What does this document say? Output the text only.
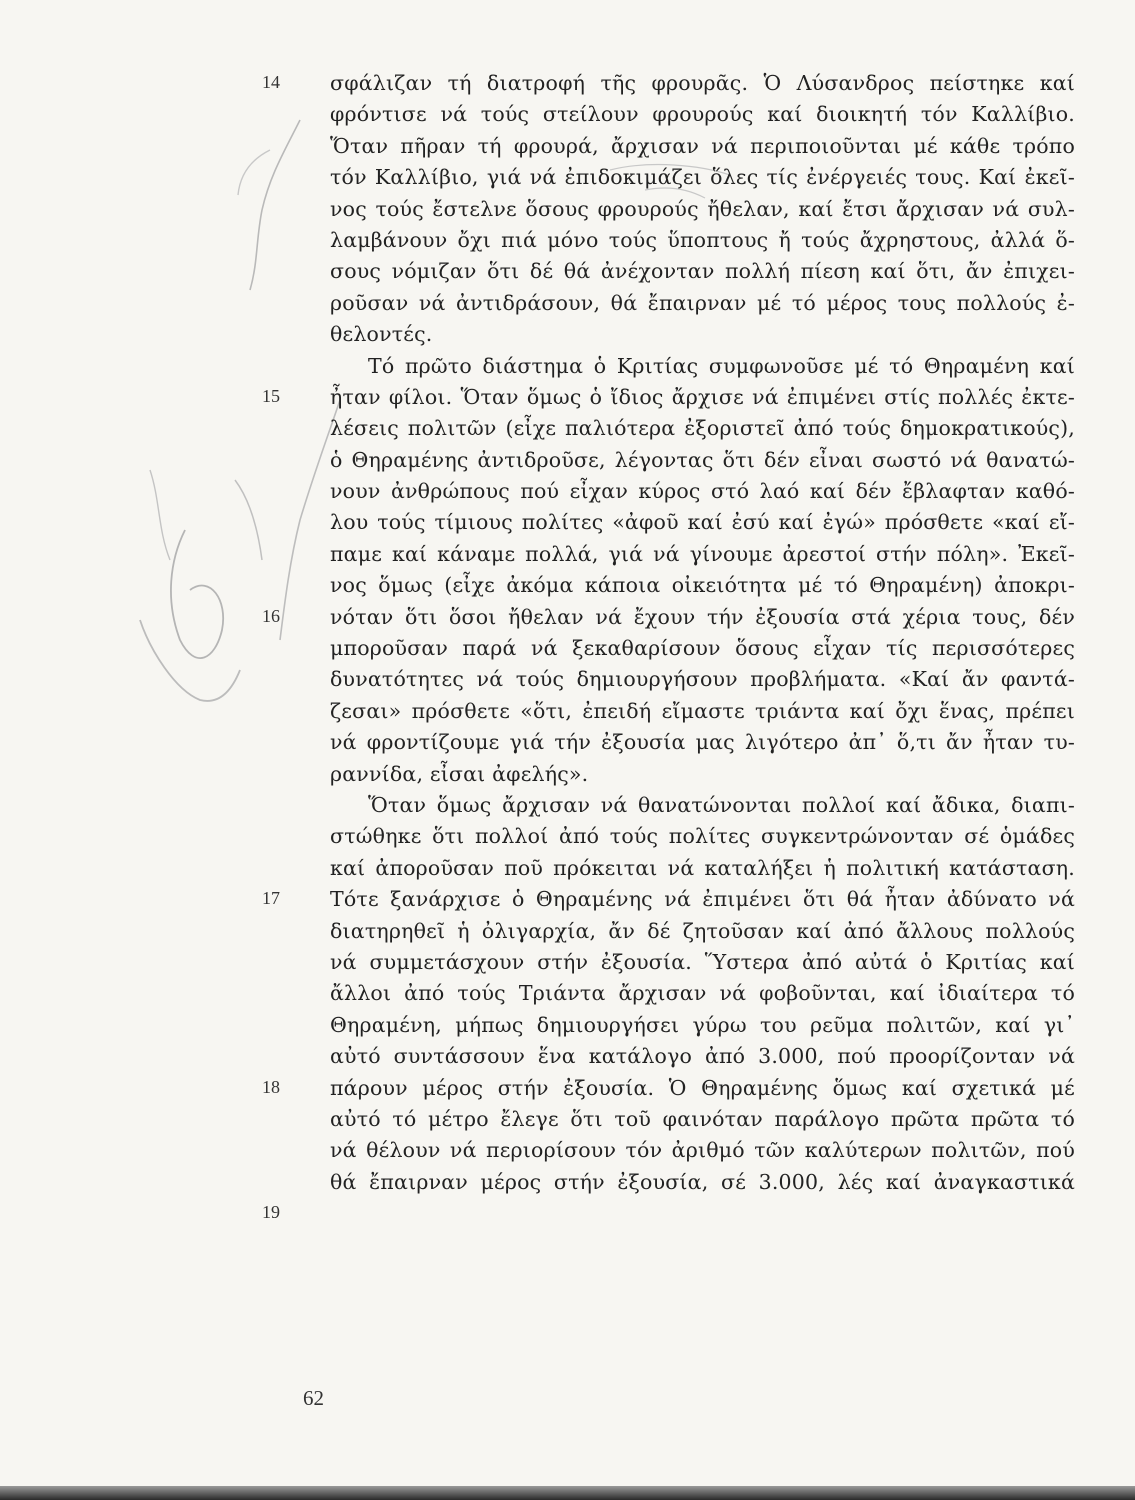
14
15
16
17
18
19
σφάλιζαν τή διατροφή τῆς φρουρᾶς. Ὁ Λύσανδρος πείστηκε καί
φρόντισε νά τούς στείλουν φρουρούς καί διοικητή τόν Καλλίβιο.
Ὅταν πῆραν τή φρουρά, ἄρχισαν νά περιποιοῦνται μέ κάθε τρόπο
τόν Καλλίβιο, γιά νά ἐπιδοκιμάζει ὅλες τίς ἐνέργειές τους. Καί ἐκεῖ-
νος τούς ἔστελνε ὅσους φρουρούς ἤθελαν, καί ἔτσι ἄρχισαν νά συλ-
λαμβάνουν ὄχι πιά μόνο τούς ὕποπτους ἤ τούς ἄχρηστους, ἀλλά ὅ-
σους νόμιζαν ὅτι δέ θά ἀνέχονταν πολλή πίεση καί ὅτι, ἄν ἐπιχει-
ροῦσαν νά ἀντιδράσουν, θά ἔπαιρναν μέ τό μέρος τους πολλούς ἐ-
θελοντές.
Τό πρῶτο διάστημα ὁ Κριτίας συμφωνοῦσε μέ τό Θηραμένη καί
ἦταν φίλοι. Ὅταν ὅμως ὁ ἴδιος ἄρχισε νά ἐπιμένει στίς πολλές ἐκτε-
λέσεις πολιτῶν (εἶχε παλιότερα ἐξοριστεῖ ἀπό τούς δημοκρατικούς),
ὁ Θηραμένης ἀντιδροῦσε, λέγοντας ὅτι δέν εἶναι σωστό νά θανατώ-
νουν ἀνθρώπους πού εἶχαν κύρος στό λαό καί δέν ἔβλαφταν καθό-
λου τούς τίμιους πολίτες «ἀφοῦ καί ἐσύ καί ἐγώ» πρόσθετε «καί εἴ-
παμε καί κάναμε πολλά, γιά νά γίνουμε ἀρεστοί στήν πόλη». Ἐκεῖ-
νος ὅμως (εἶχε ἀκόμα κάποια οἰκειότητα μέ τό Θηραμένη) ἀποκρι-
νόταν ὅτι ὅσοι ἤθελαν νά ἔχουν τήν ἐξουσία στά χέρια τους, δέν
μποροῦσαν παρά νά ξεκαθαρίσουν ὅσους εἶχαν τίς περισσότερες
δυνατότητες νά τούς δημιουργήσουν προβλήματα. «Καί ἄν φαντά-
ζεσαι» πρόσθετε «ὅτι, ἐπειδή εἴμαστε τριάντα καί ὄχι ἕνας, πρέπει
νά φροντίζουμε γιά τήν ἐξουσία μας λιγότερο ἀπ᾽ ὅ,τι ἄν ἦταν τυ-
ραννίδα, εἶσαι ἀφελής».
Ὅταν ὅμως ἄρχισαν νά θανατώνονται πολλοί καί ἄδικα, διαπι-
στώθηκε ὅτι πολλοί ἀπό τούς πολίτες συγκεντρώνονταν σέ ὁμάδες
καί ἀποροῦσαν ποῦ πρόκειται νά καταλήξει ἡ πολιτική κατάσταση.
Τότε ξανάρχισε ὁ Θηραμένης νά ἐπιμένει ὅτι θά ἦταν ἀδύνατο νά
διατηρηθεῖ ἡ ὀλιγαρχία, ἄν δέ ζητοῦσαν καί ἀπό ἄλλους πολλούς
νά συμμετάσχουν στήν ἐξουσία. Ὕστερα ἀπό αὐτά ὁ Κριτίας καί
ἄλλοι ἀπό τούς Τριάντα ἄρχισαν νά φοβοῦνται, καί ἰδιαίτερα τό
Θηραμένη, μήπως δημιουργήσει γύρω του ρεῦμα πολιτῶν, καί γι᾽
αὐτό συντάσσουν ἕνα κατάλογο ἀπό 3.000, πού προορίζονταν νά
πάρουν μέρος στήν ἐξουσία. Ὁ Θηραμένης ὅμως καί σχετικά μέ
αὐτό τό μέτρο ἔλεγε ὅτι τοῦ φαινόταν παράλογο πρῶτα πρῶτα τό
νά θέλουν νά περιορίσουν τόν ἀριθμό τῶν καλύτερων πολιτῶν, πού
θά ἔπαιρναν μέρος στήν ἐξουσία, σέ 3.000, λές καί ἀναγκαστικά
62
